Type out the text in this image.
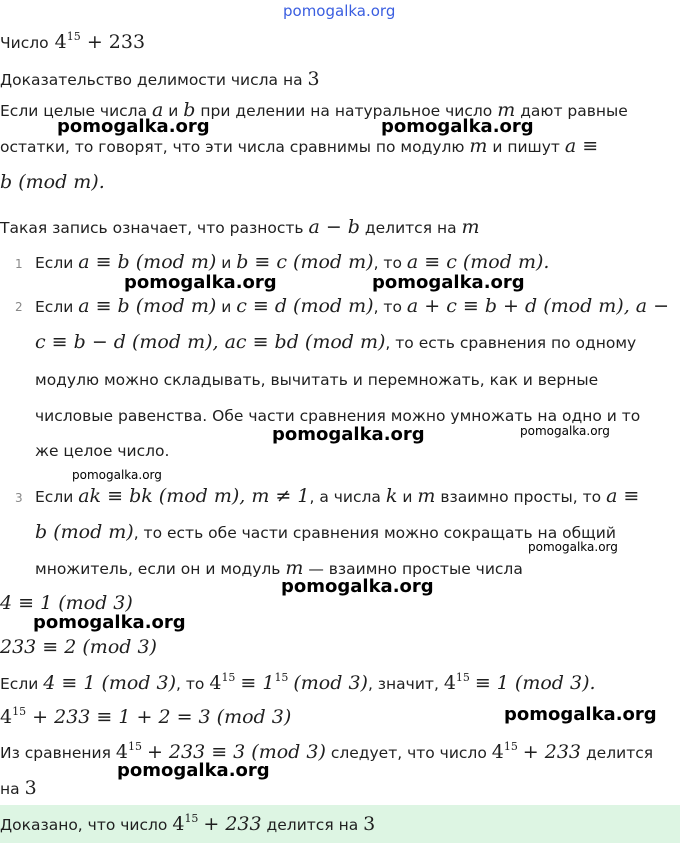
pomogalka.org
Число $4^{15} + 233$
Доказательство делимости числа на 3
Если целые числа a и b при делении на натуральное число m дают равные
остатки, то говорят, что эти числа сравнимы по модулю m и пишут a ≡
b (mod m).
Такая запись означает, что разность a − b делится на m
1 Если a ≡ b (mod m) и b ≡ c (mod m), то a ≡ c (mod m).
2 Если a ≡ b (mod m) и c ≡ d (mod m), то a + c ≡ b + d (mod m), a −
c ≡ b − d (mod m), ac ≡ bd (mod m), то есть сравнения по одному
модулю можно складывать, вычитать и перемножать, как и верные
числовые равенства. Обе части сравнения можно умножать на одно и то
же целое число.
3 Если ak ≡ bk (mod m), m ≠ 1, а числа k и m взаимно просты, то a ≡
b (mod m), то есть обе части сравнения можно сокращать на общий
множитель, если он и модуль m — взаимно простые числа
4 ≡ 1 (mod 3)
233 ≡ 2 (mod 3)
Если 4 ≡ 1 (mod 3), то $4^{15} \equiv 1^{15}$ (mod 3), значит, $4^{15} \equiv 1$ (mod 3).
$4^{15} + 233 \equiv 1 + 2 = 3$ (mod 3)
Из сравнения $4^{15} + 233 \equiv 3$ (mod 3) следует, что число $4^{15} + 233$ делится
на 3
Доказано, что число $4^{15} + 233$ делится на 3
pomogalka.org	pomogalka.org
pomogalka.org	pomogalka.org
pomogalka.org	pomogalka.org
pomogalka.org
pomogalka.org
pomogalka.org
pomogalka.org
pomogalka.org
pomogalka.org
